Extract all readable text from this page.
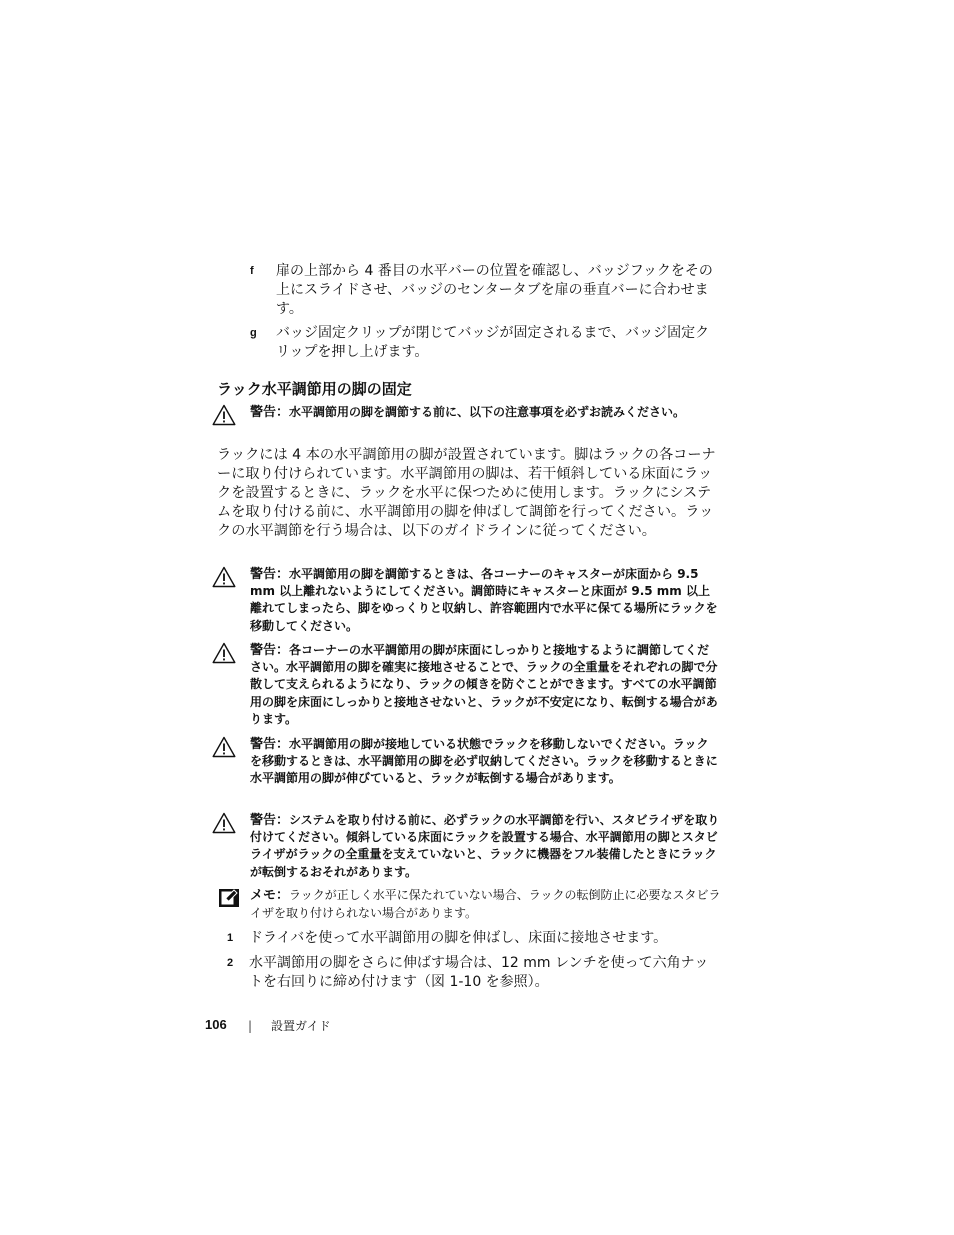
f 扉の上部から 4 番目の水平バーの位置を確認し、バッジフックをその上にスライドさせ、バッジのセンタータブを扉の垂直バーに合わせます。
g バッジ固定クリップが閉じてバッジが固定されるまで、バッジ固定クリップを押し上げます。
ラック水平調節用の脚の固定
警告：水平調節用の脚を調節する前に、以下の注意事項を必ずお読みください。
ラックには 4 本の水平調節用の脚が設置されています。脚はラックの各コーナーに取り付けられています。水平調節用の脚は、若干傾斜している床面にラックを設置するときに、ラックを水平に保つために使用します。ラックにシステムを取り付ける前に、水平調節用の脚を伸ばして調節を行ってください。ラックの水平調節を行う場合は、以下のガイドラインに従ってください。
警告：水平調節用の脚を調節するときは、各コーナーのキャスターが床面から 9.5 mm 以上離れないようにしてください。調節時にキャスターと床面が 9.5 mm 以上離れてしまったら、脚をゆっくりと収納し、許容範囲内で水平に保てる場所にラックを移動してください。
警告：各コーナーの水平調節用の脚が床面にしっかりと接地するように調節してください。水平調節用の脚を確実に接地させることで、ラックの全重量をそれぞれの脚で分散して支えられるようになり、ラックの傾きを防ぐことができます。すべての水平調節用の脚を床面にしっかりと接地させないと、ラックが不安定になり、転倒する場合があります。
警告：水平調節用の脚が接地している状態でラックを移動しないでください。ラックを移動するときは、水平調節用の脚を必ず収納してください。ラックを移動するときに水平調節用の脚が伸びていると、ラックが転倒する場合があります。
警告：システムを取り付ける前に、必ずラックの水平調節を行い、スタビライザを取り付けてください。傾斜している床面にラックを設置する場合、水平調節用の脚とスタビライザがラックの全重量を支えていないと、ラックに機器をフル装備したときにラックが転倒するおそれがあります。
メモ：ラックが正しく水平に保たれていない場合、ラックの転倒防止に必要なスタビライザを取り付けられない場合があります。
1 ドライバを使って水平調節用の脚を伸ばし、床面に接地させます。
2 水平調節用の脚をさらに伸ばす場合は、12 mm レンチを使って六角ナットを右回りに締め付けます（図 1-10 を参照）。
106 | 設置ガイド
